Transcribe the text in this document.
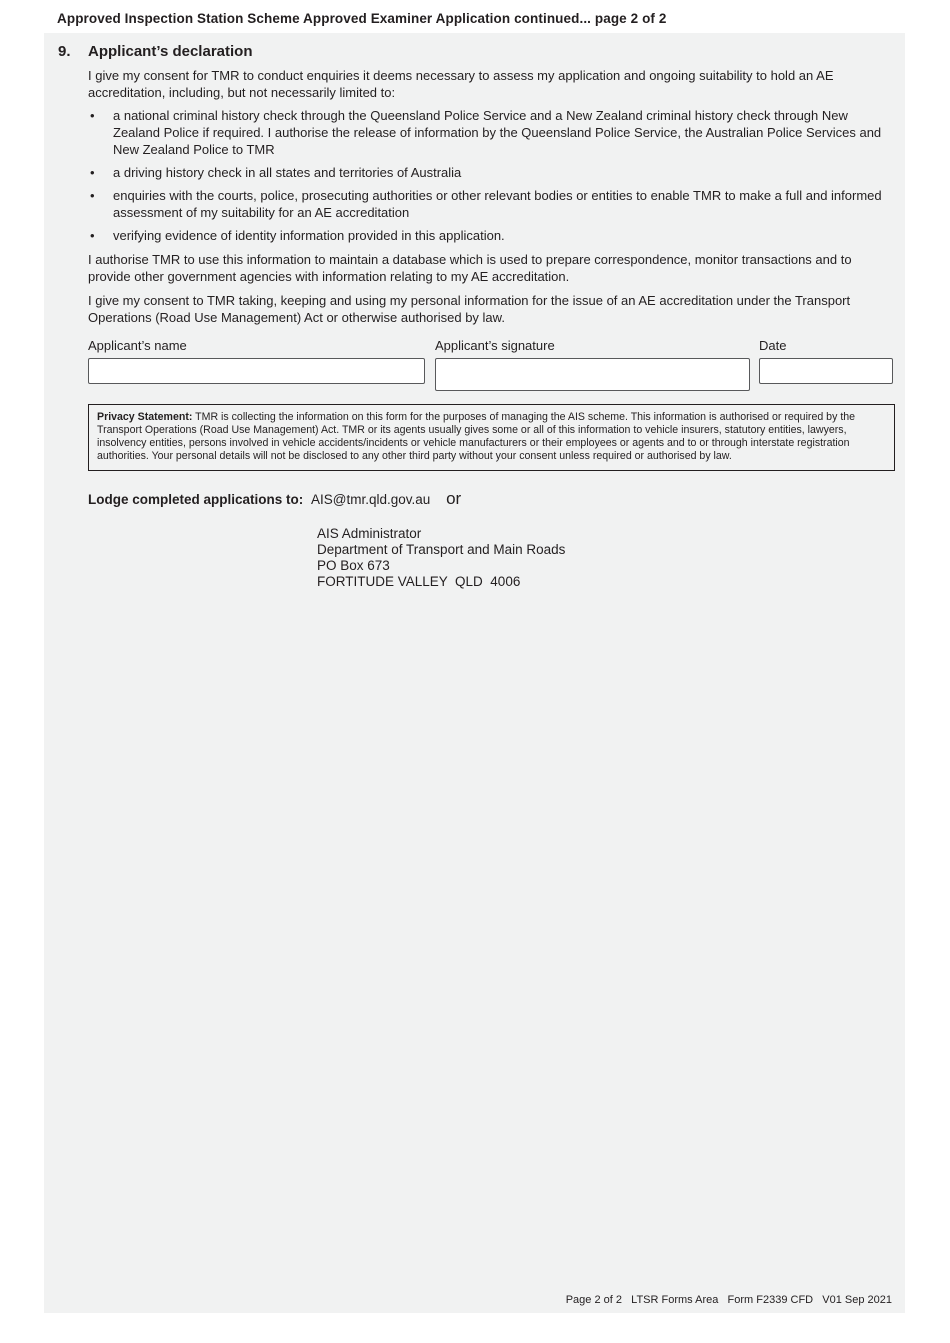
Approved Inspection Station Scheme Approved Examiner Application continued... page 2 of 2
9.	Applicant’s declaration

I give my consent for TMR to conduct enquiries it deems necessary to assess my application and ongoing suitability to hold an AE accreditation, including, but not necessarily limited to:

•	a national criminal history check through the Queensland Police Service and a New Zealand criminal history check through New Zealand Police if required. I authorise the release of information by the Queensland Police Service, the Australian Police Services and New Zealand Police to TMR
•	a driving history check in all states and territories of Australia
•	enquiries with the courts, police, prosecuting authorities or other relevant bodies or entities to enable TMR to make a full and informed assessment of my suitability for an AE accreditation
•	verifying evidence of identity information provided in this application.

I authorise TMR to use this information to maintain a database which is used to prepare correspondence, monitor transactions and to provide other government agencies with information relating to my AE accreditation.

I give my consent to TMR taking, keeping and using my personal information for the issue of an AE accreditation under the Transport Operations (Road Use Management) Act or otherwise authorised by law.

Applicant’s name	Applicant’s signature	Date
Privacy Statement: TMR is collecting the information on this form for the purposes of managing the AIS scheme. This information is authorised or required by the Transport Operations (Road Use Management) Act. TMR or its agents usually gives some or all of this information to vehicle insurers, statutory entities, lawyers, insolvency entities, persons involved in vehicle accidents/incidents or vehicle manufacturers or their employees or agents and to or through interstate registration authorities. Your personal details will not be disclosed to any other third party without your consent unless required or authorised by law.
Lodge completed applications to: AIS@tmr.qld.gov.au or
AIS Administrator
Department of Transport and Main Roads
PO Box 673
FORTITUDE VALLEY  QLD  4006
Page 2 of 2   LTSR Forms Area   Form F2339 CFD   V01 Sep 2021
